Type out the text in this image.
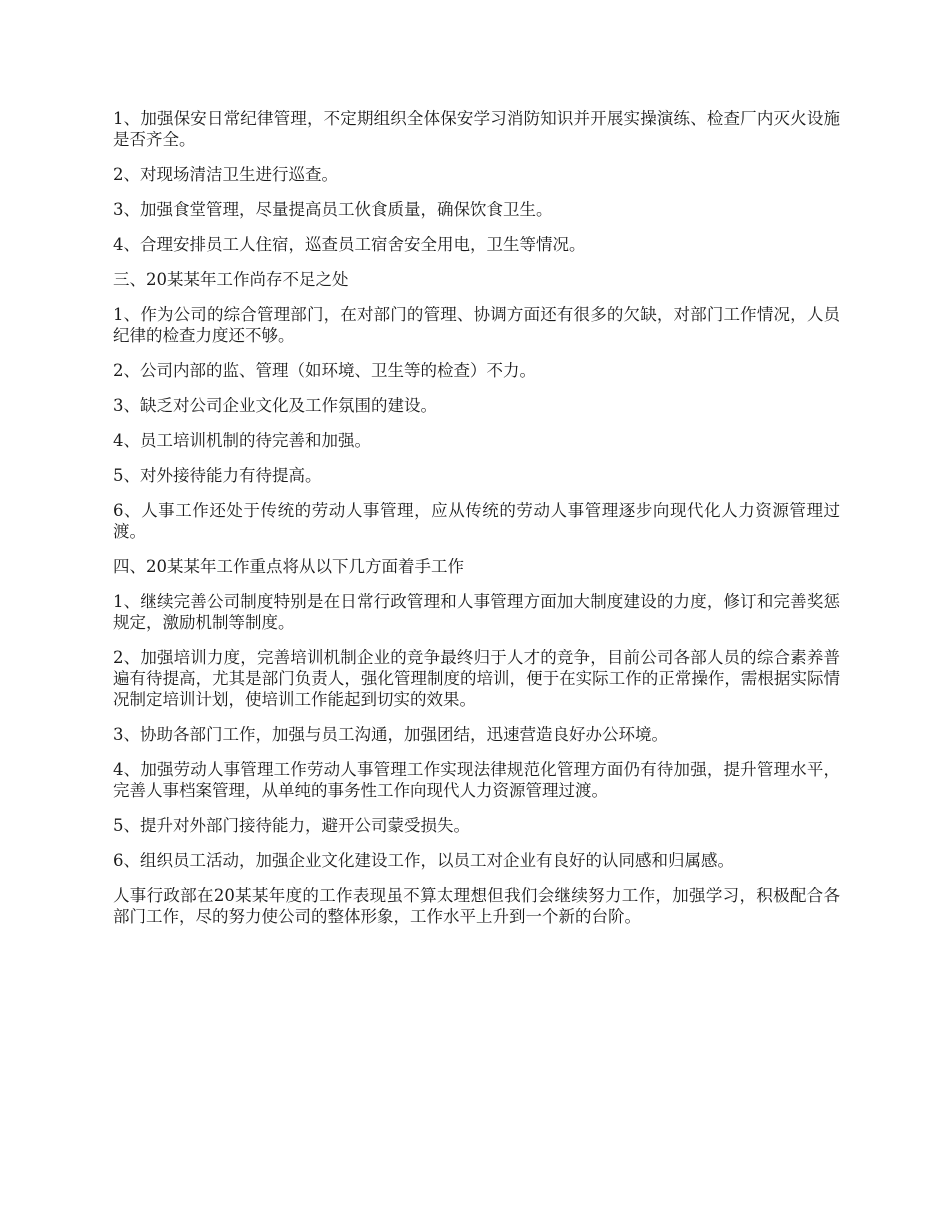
1、加强保安日常纪律管理，不定期组织全体保安学习消防知识并开展实操演练、检查厂内灭火设施是否齐全。

2、对现场清洁卫生进行巡查。

3、加强食堂管理，尽量提高员工伙食质量，确保饮食卫生。

4、合理安排员工人住宿，巡查员工宿舍安全用电，卫生等情况。

三、20某某年工作尚存不足之处

1、作为公司的综合管理部门，在对部门的管理、协调方面还有很多的欠缺，对部门工作情况，人员纪律的检查力度还不够。

2、公司内部的监、管理（如环境、卫生等的检查）不力。

3、缺乏对公司企业文化及工作氛围的建设。

4、员工培训机制的待完善和加强。

5、对外接待能力有待提高。

6、人事工作还处于传统的劳动人事管理，应从传统的劳动人事管理逐步向现代化人力资源管理过渡。

四、20某某年工作重点将从以下几方面着手工作

1、继续完善公司制度特别是在日常行政管理和人事管理方面加大制度建设的力度，修订和完善奖惩规定，激励机制等制度。

2、加强培训力度，完善培训机制企业的竞争最终归于人才的竞争，目前公司各部人员的综合素养普遍有待提高，尤其是部门负责人，强化管理制度的培训，便于在实际工作的正常操作，需根据实际情况制定培训计划，使培训工作能起到切实的效果。

3、协助各部门工作，加强与员工沟通，加强团结，迅速营造良好办公环境。

4、加强劳动人事管理工作劳动人事管理工作实现法律规范化管理方面仍有待加强，提升管理水平，完善人事档案管理，从单纯的事务性工作向现代人力资源管理过渡。

5、提升对外部门接待能力，避开公司蒙受损失。

6、组织员工活动，加强企业文化建设工作，以员工对企业有良好的认同感和归属感。

人事行政部在20某某年度的工作表现虽不算太理想但我们会继续努力工作，加强学习，积极配合各部门工作，尽的努力使公司的整体形象，工作水平上升到一个新的台阶。
